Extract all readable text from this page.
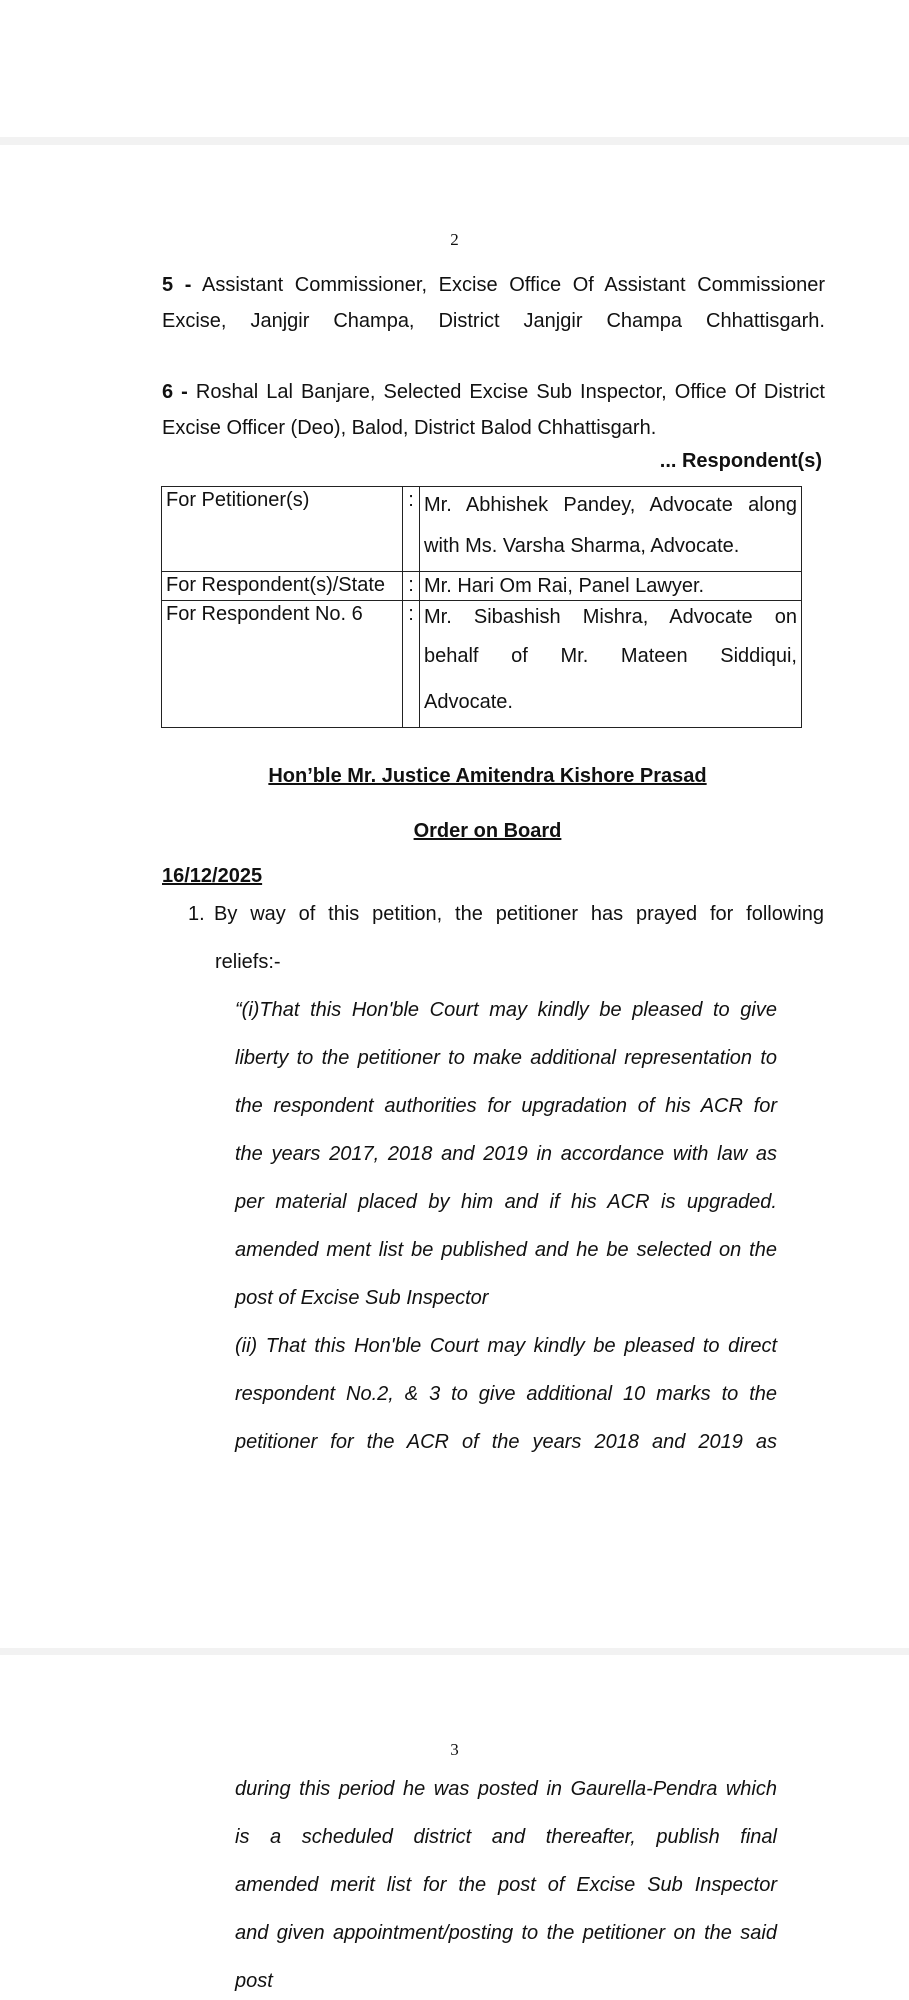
2
5 - Assistant Commissioner, Excise Office Of Assistant Commissioner
Excise, Janjgir Champa, District Janjgir Champa Chhattisgarh.
6 - Roshal Lal Banjare, Selected Excise Sub Inspector, Office Of District
Excise Officer (Deo), Balod, District Balod Chhattisgarh.
... Respondent(s)
For Petitioner(s)	:	Mr. Abhishek Pandey, Advocate along
with Ms. Varsha Sharma, Advocate.

For Respondent(s)/State	:	Mr. Hari Om Rai, Panel Lawyer.

For Respondent No. 6	:	Mr. Sibashish Mishra, Advocate on
behalf of Mr. Mateen Siddiqui,
Advocate.
Hon’ble Mr. Justice Amitendra Kishore Prasad
Order on Board
16/12/2025
1. By way of this petition, the petitioner has prayed for following
reliefs:-
“(i)That this Hon'ble Court may kindly be pleased to give
liberty to the petitioner to make additional representation to
the respondent authorities for upgradation of his ACR for
the years 2017, 2018 and 2019 in accordance with law as
per material placed by him and if his ACR is upgraded.
amended ment list be published and he be selected on the
post of Excise Sub Inspector
(ii) That this Hon'ble Court may kindly be pleased to direct
respondent No.2, & 3 to give additional 10 marks to the
petitioner for the ACR of the years 2018 and 2019 as
3
during this period he was posted in Gaurella-Pendra which
is a scheduled district and thereafter, publish final
amended merit list for the post of Excise Sub Inspector
and given appointment/posting to the petitioner on the said
post
